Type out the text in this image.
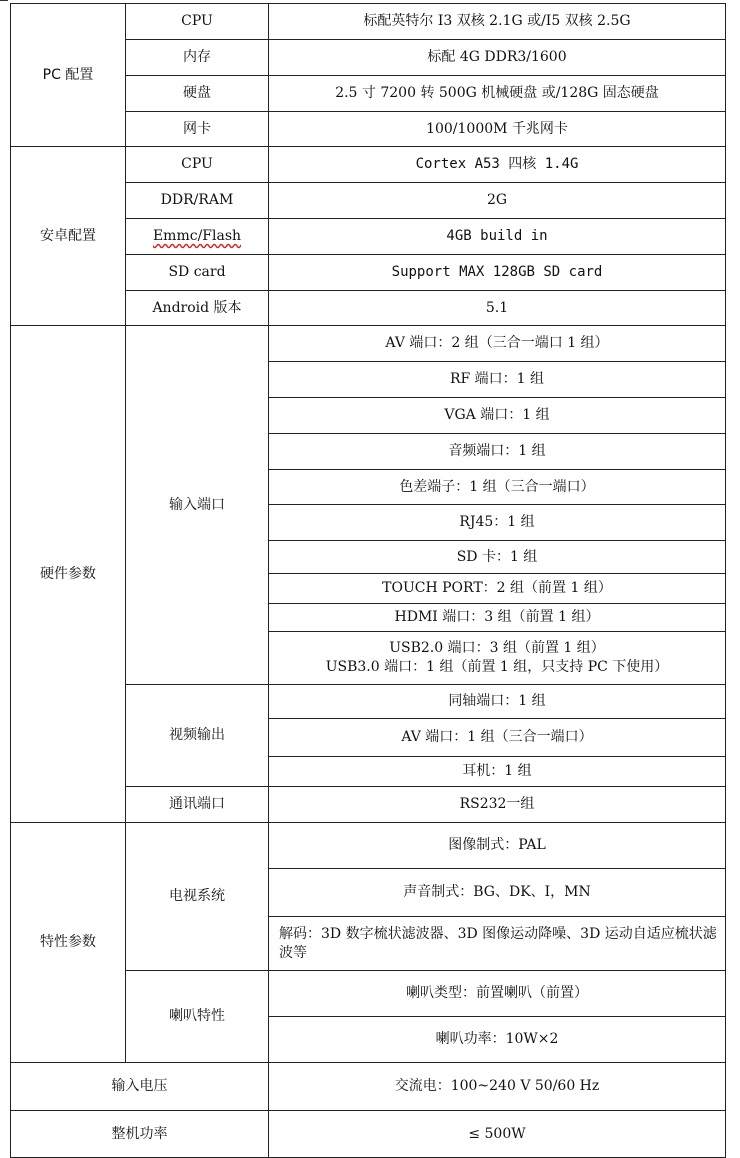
PC 配置	CPU	标配英特尔 I3 双核 2.1G 或/I5 双核 2.5G
	内存	标配 4G DDR3/1600
	硬盘	2.5 寸 7200 转 500G 机械硬盘 或/128G 固态硬盘
	网卡	100/1000M 千兆网卡
安卓配置	CPU	Cortex A53 四核 1.4G
	DDR/RAM	2G
	Emmc/Flash	4GB build in
	SD card	Support MAX 128GB SD card
	Android 版本	5.1
硬件参数	输入端口	AV 端口：2 组（三合一端口 1 组）
		RF 端口：1 组
		VGA 端口：1 组
		音频端口：1 组
		色差端子：1 组（三合一端口）
		RJ45：1 组
		SD 卡：1 组
		TOUCH PORT：2 组（前置 1 组）
		HDMI 端口：3 组（前置 1 组）

		USB2.0 端口：3 组（前置 1 组）
USB3.0 端口：1 组（前置 1 组，只支持 PC 下使用）

	视频输出	同轴端口：1 组
		AV 端口：1 组（三合一端口）
		耳机：1 组
	通讯端口	RS232一组
特性参数	电视系统	图像制式：PAL
		声音制式：BG、DK、I，MN
		解码：3D 数字梳状滤波器、3D 图像运动降噪、3D 运动自适应梳状滤波等
	喇叭特性	喇叭类型：前置喇叭（前置）
		喇叭功率：10W×2
输入电压		交流电：100~240 V 50/60 Hz
整机功率		≤ 500W
